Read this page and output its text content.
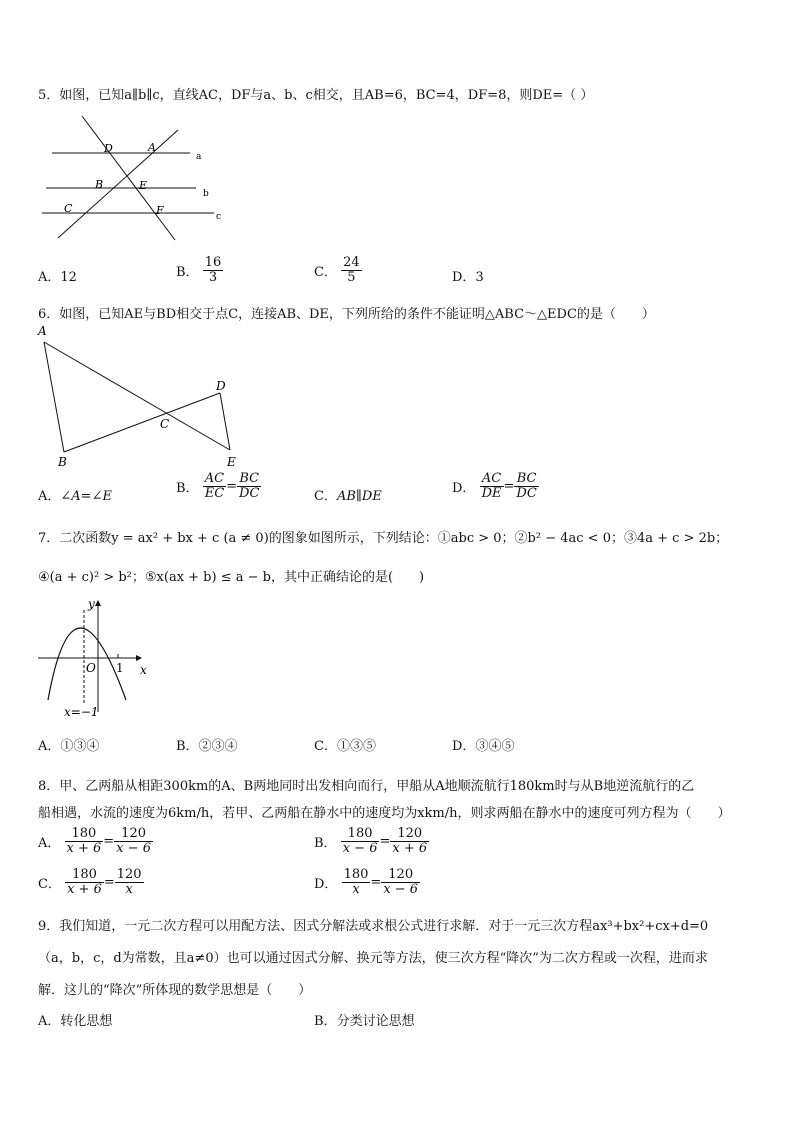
5．如图，已知a∥b∥c，直线AC，DF与a、b、c相交，且AB=6，BC=4，DF=8，则DE=（ ）
D	A
a
B	E
b
C	F	c
A．12	B． $\frac{16}{3}$	C． $\frac{24}{5}$	D．3
6．如图，已知AE与BD相交于点C，连接AB、DE，下列所给的条件不能证明△ABC～△EDC的是（　　）
A
B
C
D
E
A．∠A=∠E
B． $\frac{AC}{EC} = \frac{BC}{DC}$	C．AB∥DE
D． $\frac{AC}{DE} = \frac{BC}{DC}$
7．二次函数y = ax² + bx + c (a ≠ 0)的图象如图所示，下列结论：①abc > 0；②b² − 4ac < 0；③4a + c > 2b；
④(a + c)² > b²；⑤x(ax + b) ≤ a − b，其中正确结论的是(　　)
y
O 1 x
x=−1
A．①③④	B．②③④	C．①③⑤	D．③④⑤
8．甲、乙两船从相距300km的A、B两地同时出发相向而行，甲船从A地顺流航行180km时与从B地逆流航行的乙
船相遇，水流的速度为6km/h，若甲、乙两船在静水中的速度均为xkm/h，则求两船在静水中的速度可列方程为（　　）
A． $\frac{180}{x + 6} = \frac{120}{x - 6}$	B． $\frac{180}{x - 6} = \frac{120}{x + 6}$
C． $\frac{180}{x + 6} = \frac{120}{x}$	D． $\frac{180}{x} = \frac{120}{x - 6}$
9．我们知道，一元二次方程可以用配方法、因式分解法或求根公式进行求解．对于一元三次方程ax³+bx²+cx+d=0
（a，b，c，d为常数，且a≠0）也可以通过因式分解、换元等方法，使三次方程“降次”为二次方程或一次程，进而求
解．这儿的“降次”所体现的数学思想是（　　）
A．转化思想	B．分类讨论思想
